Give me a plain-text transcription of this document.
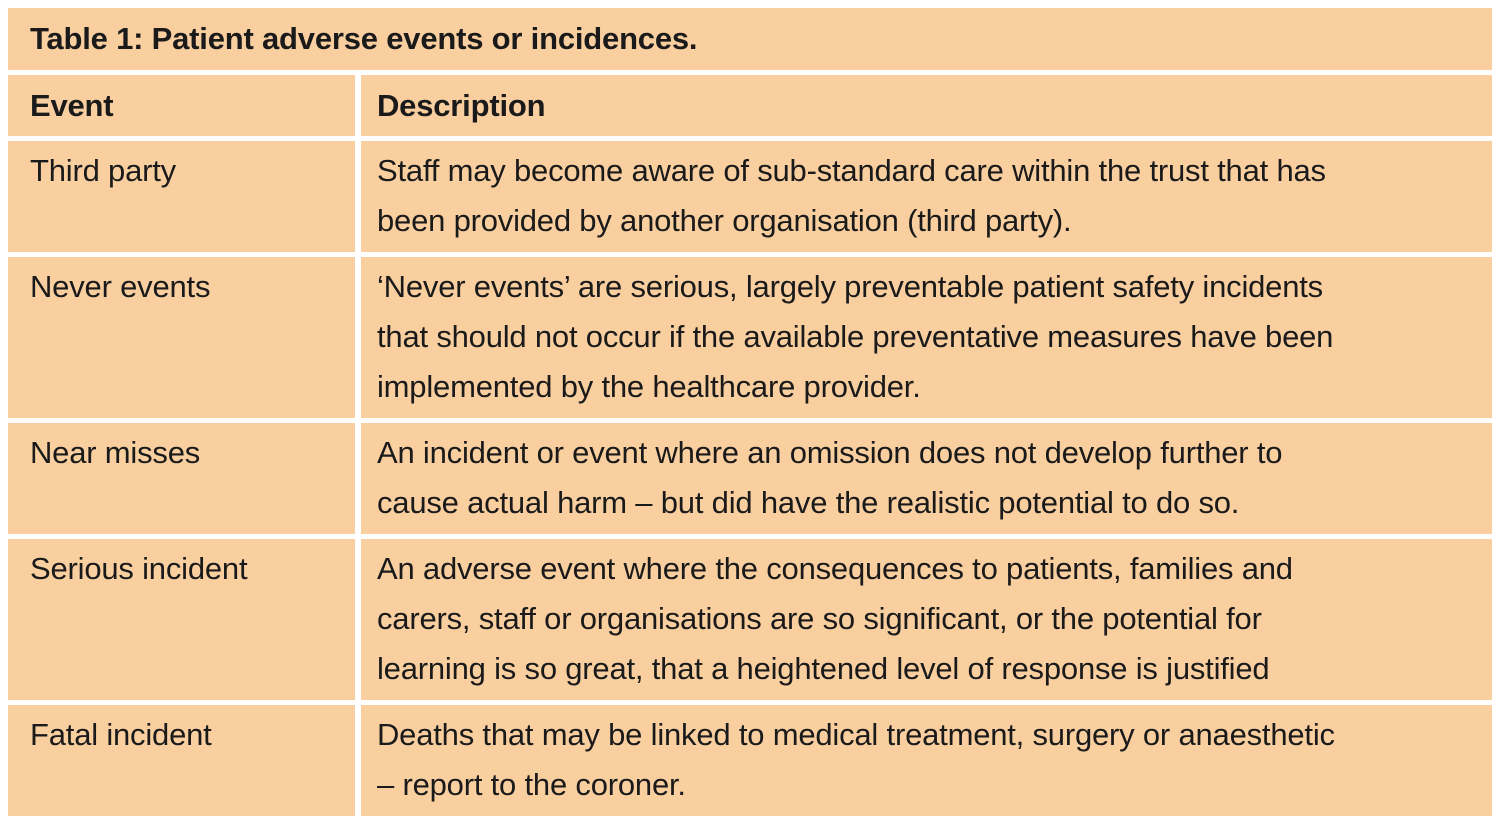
Table 1: Patient adverse events or incidences.
Event	Description
Third party	Staff may become aware of sub-standard care within the trust that has
been provided by another organisation (third party).
Never events	‘Never events’ are serious, largely preventable patient safety incidents
that should not occur if the available preventative measures have been
implemented by the healthcare provider.
Near misses	An incident or event where an omission does not develop further to
cause actual harm – but did have the realistic potential to do so.
Serious incident	An adverse event where the consequences to patients, families and
carers, staff or organisations are so significant, or the potential for
learning is so great, that a heightened level of response is justified
Fatal incident	Deaths that may be linked to medical treatment, surgery or anaesthetic
– report to the coroner.
